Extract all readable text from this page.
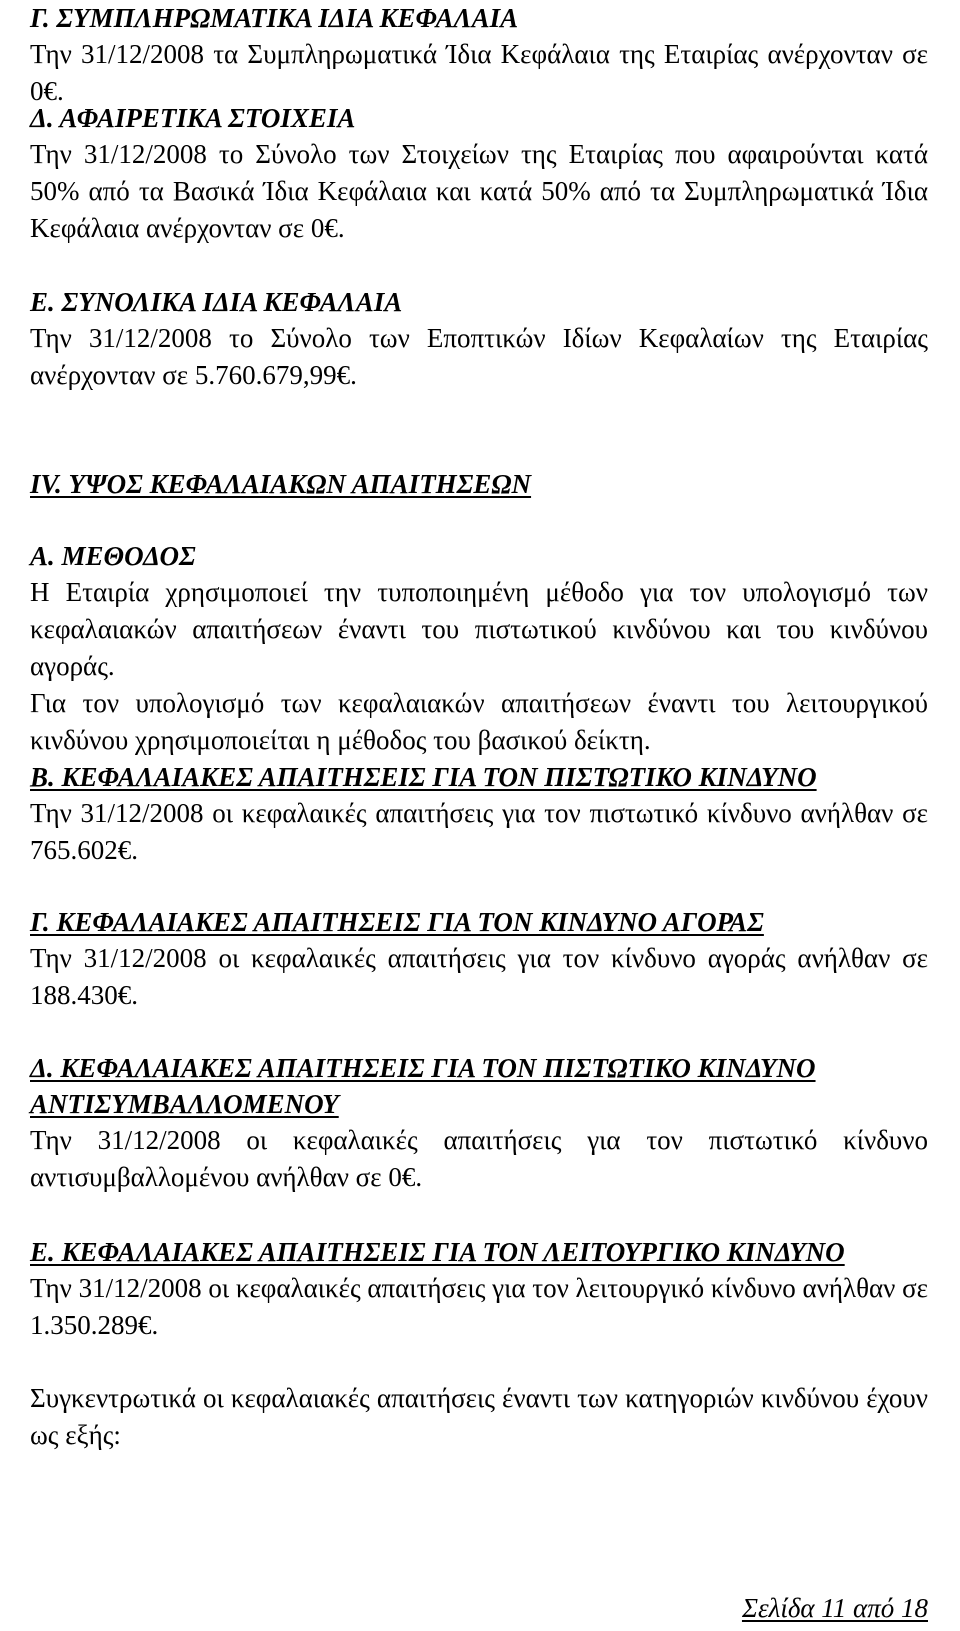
Γ. ΣΥΜΠΛΗΡΩΜΑΤΙΚΑ ΙΔΙΑ ΚΕΦΑΛΑΙΑ

Την 31/12/2008 τα Συμπληρωματικά Ίδια Κεφάλαια της Εταιρίας ανέρχονταν σε 0€.

Δ. ΑΦΑΙΡΕΤΙΚΑ ΣΤΟΙΧΕΙΑ

Την 31/12/2008 το Σύνολο των Στοιχείων της Εταιρίας που αφαιρούνται κατά 50% από τα Βασικά Ίδια Κεφάλαια και κατά 50% από τα Συμπληρωματικά Ίδια Κεφάλαια ανέρχονταν σε 0€.

Ε. ΣΥΝΟΛΙΚΑ ΙΔΙΑ ΚΕΦΑΛΑΙΑ

Την 31/12/2008 το Σύνολο των Εποπτικών Ιδίων Κεφαλαίων της Εταιρίας ανέρχονταν σε 5.760.679,99€.

IV. ΥΨΟΣ ΚΕΦΑΛΑΙΑΚΩΝ ΑΠΑΙΤΗΣΕΩΝ
Α. ΜΕΘΟΔΟΣ

Η Εταιρία χρησιμοποιεί την τυποποιημένη μέθοδο για τον υπολογισμό των κεφαλαιακών απαιτήσεων έναντι του πιστωτικού κινδύνου και του κινδύνου αγοράς.

Για τον υπολογισμό των κεφαλαιακών απαιτήσεων έναντι του λειτουργικού κινδύνου χρησιμοποιείται η μέθοδος του βασικού δείκτη.

Β. ΚΕΦΑΛΑΙΑΚΕΣ ΑΠΑΙΤΗΣΕΙΣ ΓΙΑ ΤΟΝ ΠΙΣΤΩΤΙΚΟ ΚΙΝΔΥΝΟ

Την 31/12/2008 οι κεφαλαικές απαιτήσεις για τον πιστωτικό κίνδυνο ανήλθαν σε 765.602€.

Γ. ΚΕΦΑΛΑΙΑΚΕΣ ΑΠΑΙΤΗΣΕΙΣ ΓΙΑ ΤΟΝ ΚΙΝΔΥΝΟ ΑΓΟΡΑΣ

Την 31/12/2008 οι κεφαλαικές απαιτήσεις για τον κίνδυνο αγοράς ανήλθαν σε 188.430€.

Δ. ΚΕΦΑΛΑΙΑΚΕΣ ΑΠΑΙΤΗΣΕΙΣ ΓΙΑ ΤΟΝ ΠΙΣΤΩΤΙΚΟ ΚΙΝΔΥΝΟ ΑΝΤΙΣΥΜΒΑΛΛΟΜΕΝΟΥ

Την 31/12/2008 οι κεφαλαικές απαιτήσεις για τον πιστωτικό κίνδυνο αντισυμβαλλομένου ανήλθαν σε 0€.

Ε. ΚΕΦΑΛΑΙΑΚΕΣ ΑΠΑΙΤΗΣΕΙΣ ΓΙΑ ΤΟΝ ΛΕΙΤΟΥΡΓΙΚΟ ΚΙΝΔΥΝΟ

Την 31/12/2008 οι κεφαλαικές απαιτήσεις για τον λειτουργικό κίνδυνο ανήλθαν σε 1.350.289€.

Συγκεντρωτικά οι κεφαλαιακές απαιτήσεις έναντι των κατηγοριών κινδύνου έχουν ως εξής:

Σελίδα 11 από 18
